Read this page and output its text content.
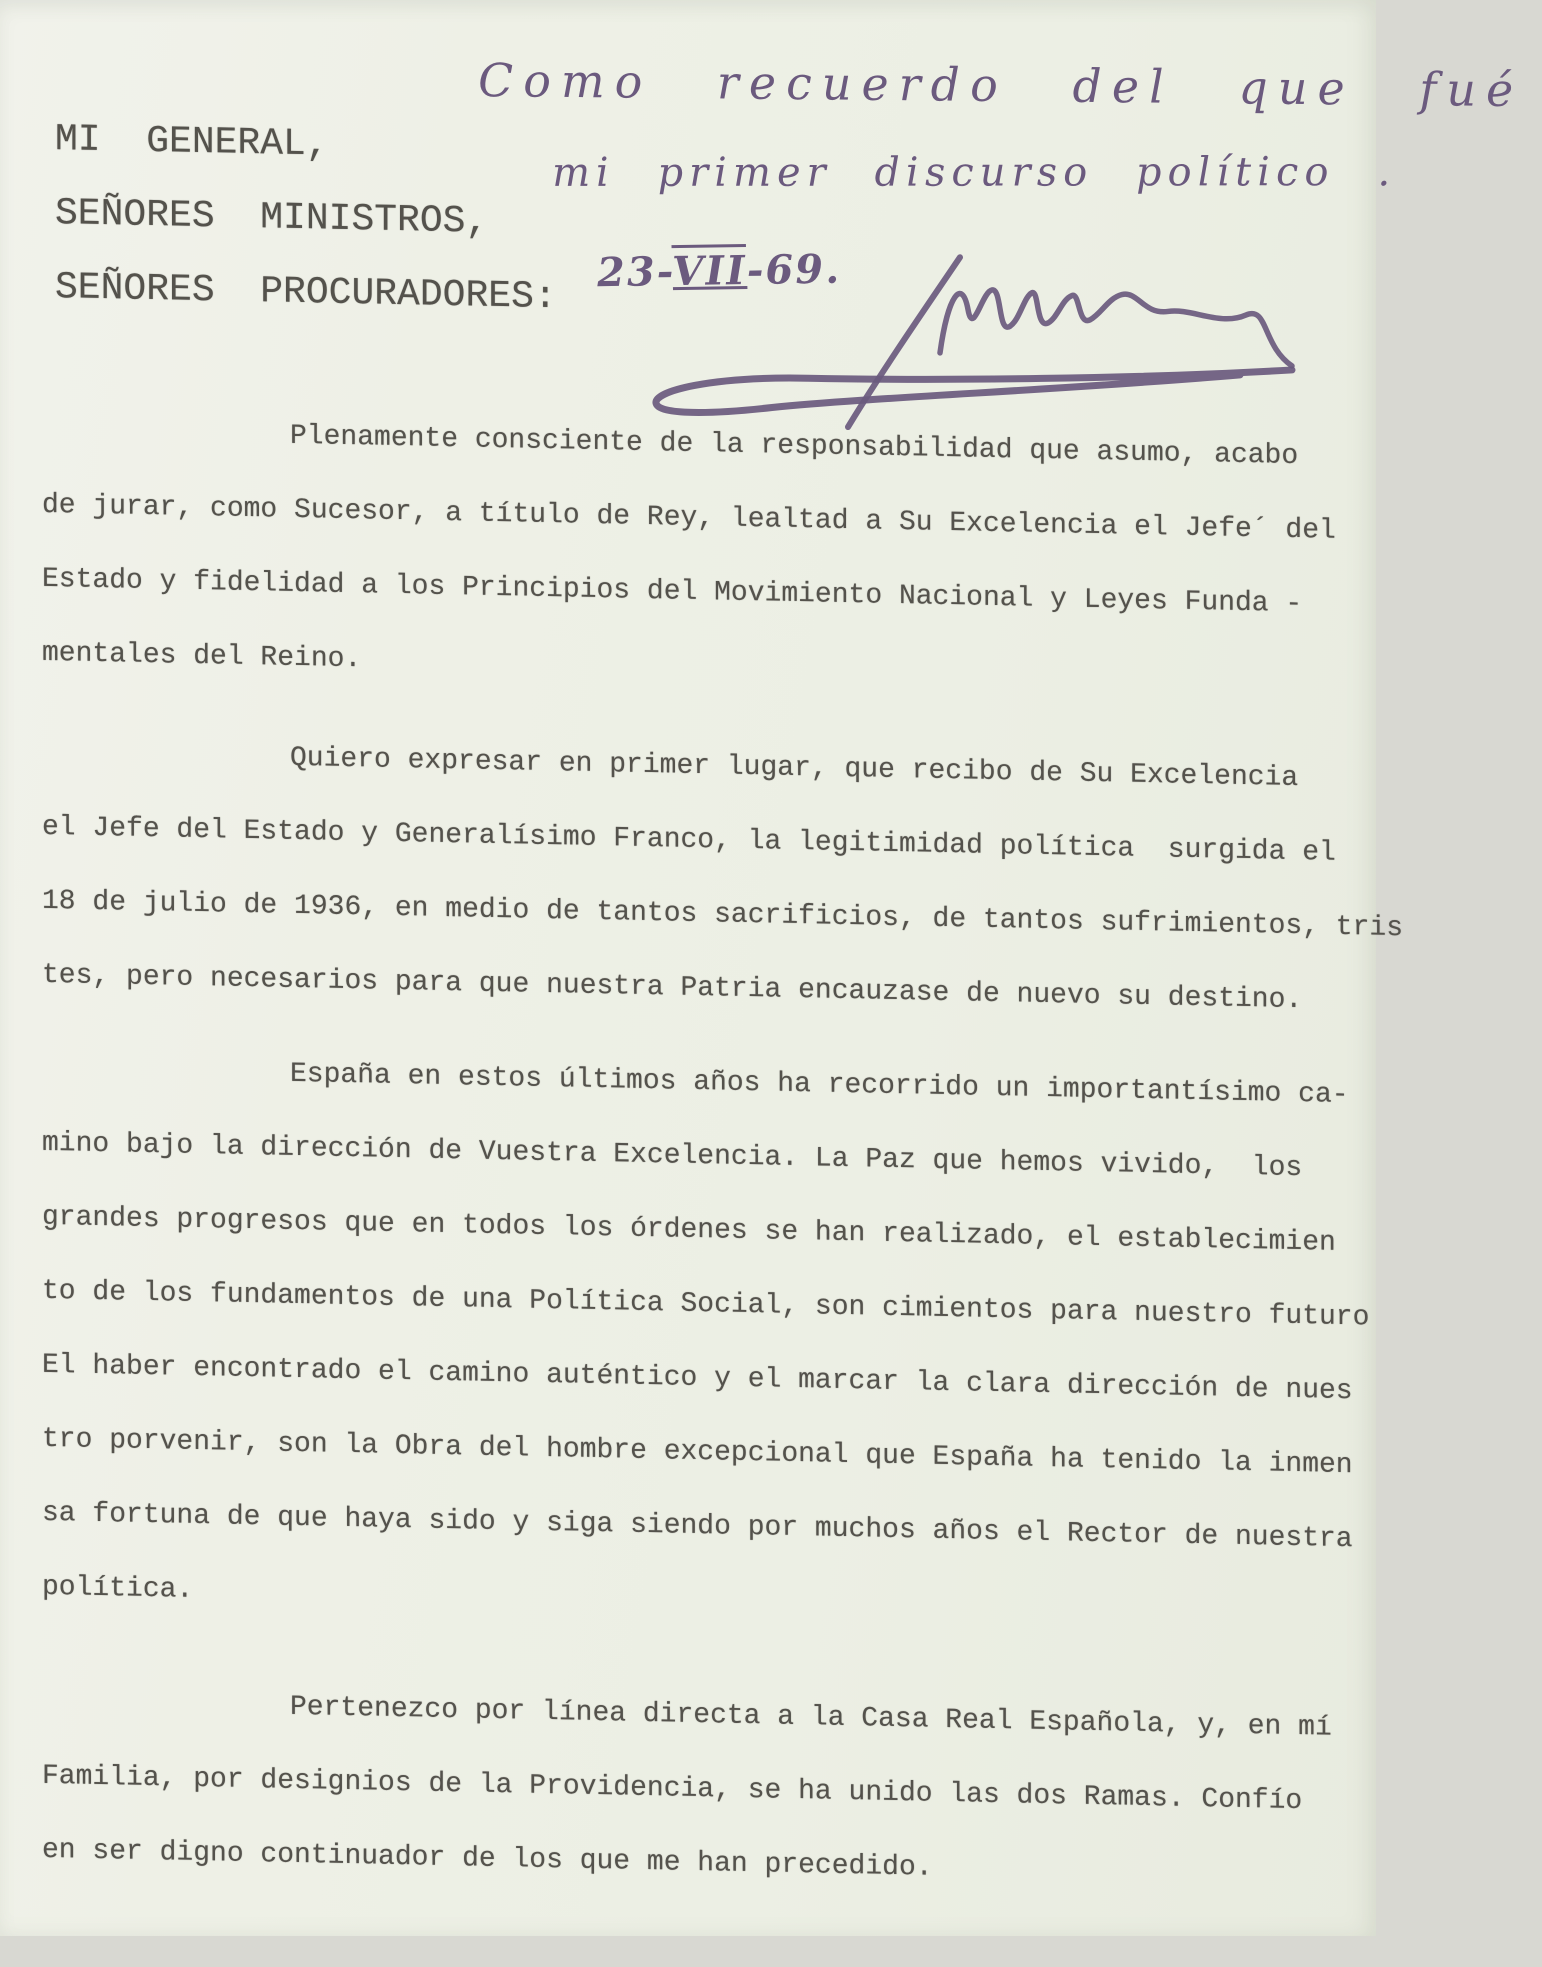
MI  GENERAL,
SEÑORES  MINISTROS,
SEÑORES  PROCURADORES:
Como recuerdo del que fué
mi primer discurso político .
23-VII-69.
Plenamente consciente de la responsabilidad que asumo, acabo
de jurar, como Sucesor, a título de Rey, lealtad a Su Excelencia el Jefe´ del
Estado y fidelidad a los Principios del Movimiento Nacional y Leyes Funda -
mentales del Reino.
Quiero expresar en primer lugar, que recibo de Su Excelencia
el Jefe del Estado y Generalísimo Franco, la legitimidad política  surgida el
18 de julio de 1936, en medio de tantos sacrificios, de tantos sufrimientos, tris
tes, pero necesarios para que nuestra Patria encauzase de nuevo su destino.
España en estos últimos años ha recorrido un importantísimo ca-
mino bajo la dirección de Vuestra Excelencia. La Paz que hemos vivido,  los
grandes progresos que en todos los órdenes se han realizado, el establecimien
to de los fundamentos de una Política Social, son cimientos para nuestro futuro
El haber encontrado el camino auténtico y el marcar la clara dirección de nues
tro porvenir, son la Obra del hombre excepcional que España ha tenido la inmen
sa fortuna de que haya sido y siga siendo por muchos años el Rector de nuestra
política.
Pertenezco por línea directa a la Casa Real Española, y, en mí
Familia, por designios de la Providencia, se ha unido las dos Ramas. Confío
en ser digno continuador de los que me han precedido.
